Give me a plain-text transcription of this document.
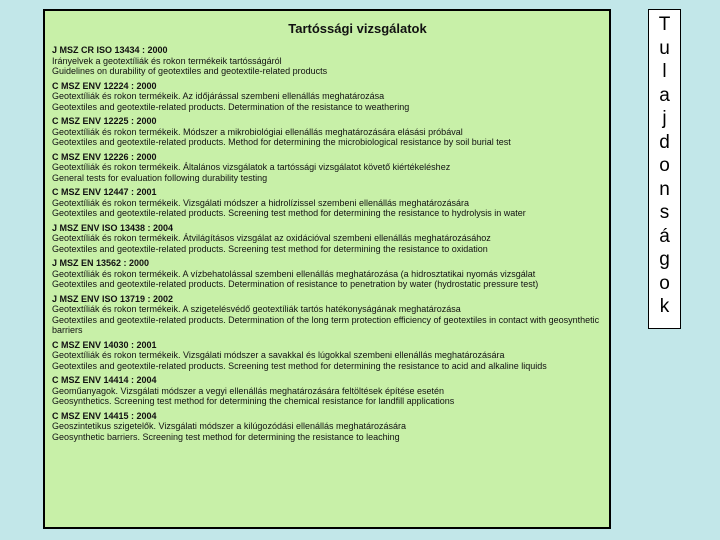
Tartóssági vizsgálatok
J MSZ CR ISO 13434 : 2000
Irányelvek a geotextíliák és rokon termékeik tartósságáról
Guidelines on durability of geotextiles and geotextile-related products
C MSZ ENV 12224 : 2000
Geotextíliák és rokon termékeik. Az időjárással szembeni ellenállás meghatározása
Geotextiles and geotextile-related products. Determination of the resistance to weathering
C MSZ ENV 12225 : 2000
Geotextíliák és rokon termékeik. Módszer a mikrobiológiai ellenállás meghatározására elásási próbával
Geotextiles and geotextile-related products. Method for determining the microbiological resistance by soil burial test
C MSZ ENV 12226 : 2000
Geotextíliák és rokon termékeik. Általános vizsgálatok a tartóssági vizsgálatot követő kiértékeléshez
General tests for evaluation following durability testing
C MSZ ENV 12447 : 2001
Geotextíliák és rokon termékeik. Vizsgálati módszer a hidrolízissel szembeni ellenállás meghatározására
Geotextiles and geotextile-related products. Screening test method for determining the resistance to hydrolysis in water
J MSZ ENV ISO 13438 : 2004
Geotextíliák és rokon termékeik. Átvilágításos vizsgálat az oxidációval szembeni ellenállás meghatározásához
Geotextiles and geotextile-related products. Screening test method for determining the resistance to oxidation
J MSZ EN 13562 : 2000
Geotextíliák és rokon termékeik. A vízbehatolással szembeni ellenállás meghatározása (a hidrosztatikai nyomás vizsgálat
Geotextiles and geotextile-related products. Determination of resistance to penetration by water (hydrostatic pressure test)
J MSZ ENV ISO 13719 : 2002
Geotextíliák és rokon termékeik. A szigetelésvédő geotextíliák tartós hatékonyságának meghatározása
Geotextiles and geotextile-related products. Determination of the long term protection efficiency of geotextiles in contact with geosynthetic barriers
C MSZ ENV 14030 : 2001
Geotextíliák és rokon termékeik. Vizsgálati módszer a savakkal és lúgokkal szembeni ellenállás meghatározására
Geotextiles and geotextile-related products. Screening test method for determining the resistance to acid and alkaline liquids
C MSZ ENV 14414 : 2004
Geoműanyagok. Vizsgálati módszer a vegyi ellenállás meghatározására feltöltések építése esetén
Geosynthetics. Screening test method for determining the chemical resistance for landfill applications
C MSZ ENV 14415 : 2004
Geoszintetikus szigetelők. Vizsgálati módszer a kilúgozódási ellenállás meghatározására
Geosynthetic barriers. Screening test method for determining the resistance to leaching
T
u
l
a
j
d
o
n
s
á
g
o
k
